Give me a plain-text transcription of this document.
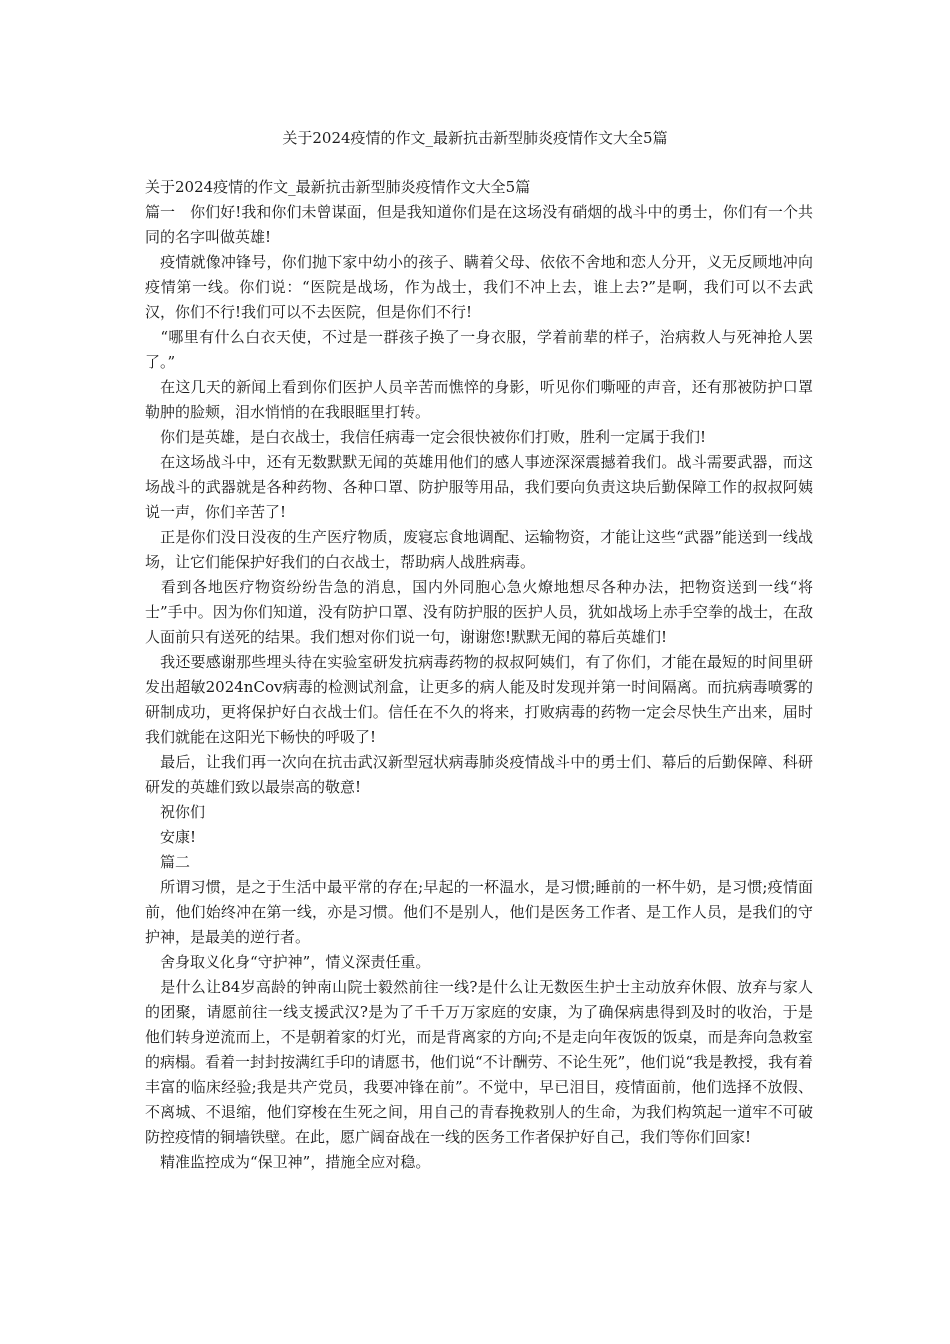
关于2024疫情的作文_最新抗击新型肺炎疫情作文大全5篇

关于2024疫情的作文_最新抗击新型肺炎疫情作文大全5篇

篇一　你们好!我和你们未曾谋面，但是我知道你们是在这场没有硝烟的战斗中的勇士，你们有一个共同的名字叫做英雄!

　疫情就像冲锋号，你们抛下家中幼小的孩子、瞒着父母、依依不舍地和恋人分开，义无反顾地冲向疫情第一线。你们说：“医院是战场，作为战士，我们不冲上去，谁上去?”是啊，我们可以不去武汉，你们不行!我们可以不去医院，但是你们不行!

　“哪里有什么白衣天使，不过是一群孩子换了一身衣服，学着前辈的样子，治病救人与死神抢人罢了。”

　在这几天的新闻上看到你们医护人员辛苦而憔悴的身影，听见你们嘶哑的声音，还有那被防护口罩勒肿的脸颊，泪水悄悄的在我眼眶里打转。

　你们是英雄，是白衣战士，我信任病毒一定会很快被你们打败，胜利一定属于我们!

　在这场战斗中，还有无数默默无闻的英雄用他们的感人事迹深深震撼着我们。战斗需要武器，而这场战斗的武器就是各种药物、各种口罩、防护服等用品，我们要向负责这块后勤保障工作的叔叔阿姨说一声，你们辛苦了!

　正是你们没日没夜的生产医疗物质，废寝忘食地调配、运输物资，才能让这些“武器”能送到一线战场，让它们能保护好我们的白衣战士，帮助病人战胜病毒。

　看到各地医疗物资纷纷告急的消息，国内外同胞心急火燎地想尽各种办法，把物资送到一线“将士”手中。因为你们知道，没有防护口罩、没有防护服的医护人员，犹如战场上赤手空拳的战士，在敌人面前只有送死的结果。我们想对你们说一句，谢谢您!默默无闻的幕后英雄们!

　我还要感谢那些埋头待在实验室研发抗病毒药物的叔叔阿姨们，有了你们，才能在最短的时间里研发出超敏2024nCov病毒的检测试剂盒，让更多的病人能及时发现并第一时间隔离。而抗病毒喷雾的研制成功，更将保护好白衣战士们。信任在不久的将来，打败病毒的药物一定会尽快生产出来，届时我们就能在这阳光下畅快的呼吸了!

　最后，让我们再一次向在抗击武汉新型冠状病毒肺炎疫情战斗中的勇士们、幕后的后勤保障、科研研发的英雄们致以最崇高的敬意!

　祝你们

　安康!

　篇二

　所谓习惯，是之于生活中最平常的存在;早起的一杯温水，是习惯;睡前的一杯牛奶，是习惯;疫情面前，他们始终冲在第一线，亦是习惯。他们不是别人，他们是医务工作者、是工作人员，是我们的守护神，是最美的逆行者。

　舍身取义化身“守护神”，情义深责任重。

　是什么让84岁高龄的钟南山院士毅然前往一线?是什么让无数医生护士主动放弃休假、放弃与家人的团聚，请愿前往一线支援武汉?是为了千千万万家庭的安康，为了确保病患得到及时的收治，于是他们转身逆流而上，不是朝着家的灯光，而是背离家的方向;不是走向年夜饭的饭桌，而是奔向急救室的病榻。看着一封封按满红手印的请愿书，他们说“不计酬劳、不论生死”，他们说“我是教授，我有着丰富的临床经验;我是共产党员，我要冲锋在前”。不觉中，早已泪目，疫情面前，他们选择不放假、不离城、不退缩，他们穿梭在生死之间，用自己的青春挽救别人的生命，为我们构筑起一道牢不可破防控疫情的铜墙铁壁。在此，愿广阔奋战在一线的医务工作者保护好自己，我们等你们回家!

　精准监控成为“保卫神”，措施全应对稳。
